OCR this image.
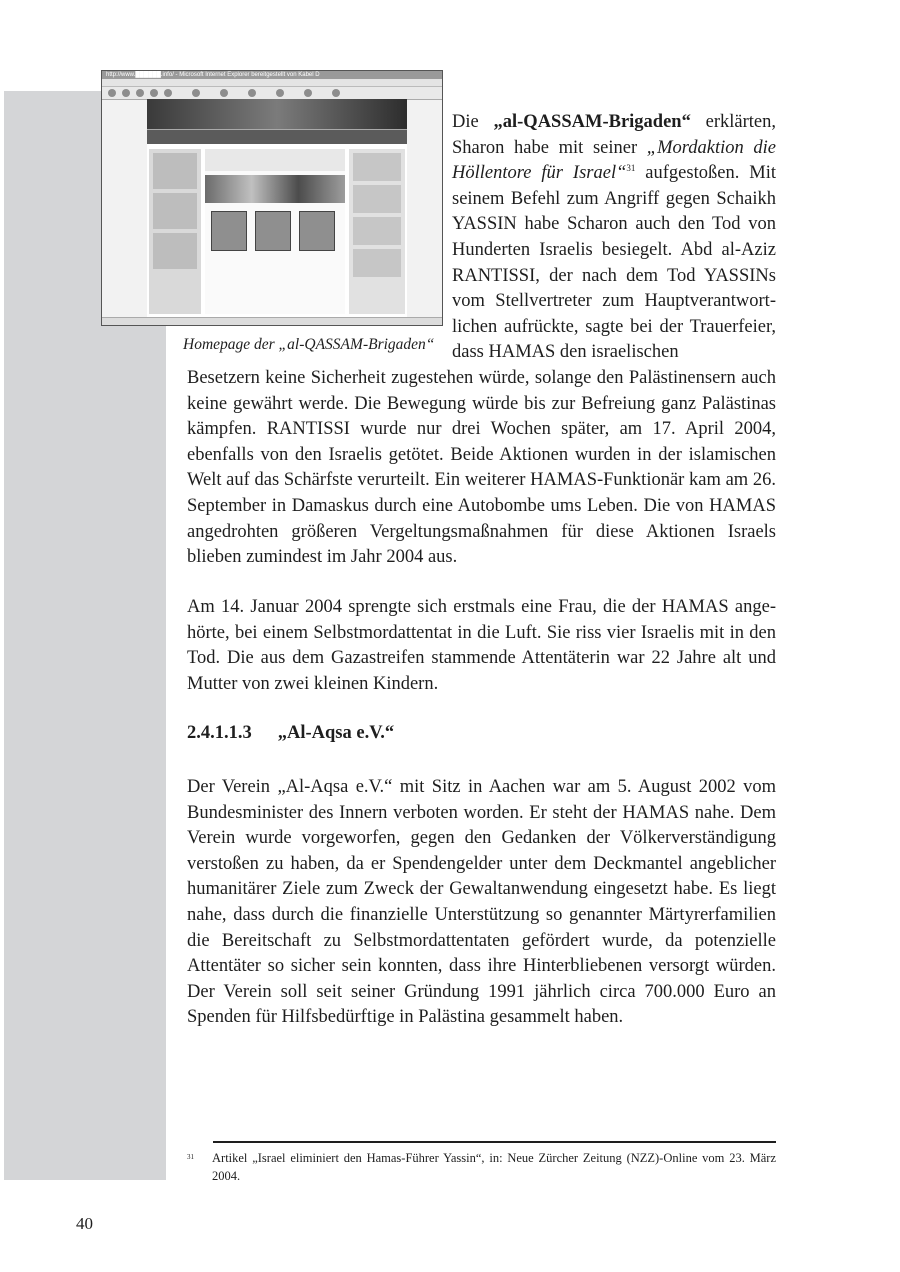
http://www.██████.info/ - Microsoft Internet Explorer bereitgestellt von Kabel D
Homepage der „al-QASSAM-Brigaden“
Die „al-QASSAM-Brigaden“ erklärten, Sharon habe mit seiner „Mordaktion die Höllentore für Israel“$^{31}$ aufgestoßen. Mit seinem Befehl zum Angriff gegen Schaikh YASSIN habe Scharon auch den Tod von Hunderten Israelis besiegelt. Abd al-Aziz RANTISSI, der nach dem Tod YASSINs vom Stellvertreter zum Hauptverantwortlichen aufrückte, sagte bei der Trauerfeier, dass HAMAS den israelischen
Besetzern keine Sicherheit zugestehen würde, solange den Palästinensern auch keine gewährt werde. Die Bewegung würde bis zur Befreiung ganz Palästinas kämpfen. RANTISSI wurde nur drei Wochen später, am 17. April 2004, ebenfalls von den Israelis getötet. Beide Aktionen wurden in der islamischen Welt auf das Schärfste verurteilt. Ein weiterer HAMAS-Funktionär kam am 26. September in Damaskus durch eine Autobombe ums Leben. Die von HAMAS angedrohten größeren Vergeltungsmaßnahmen für diese Aktionen Israels blieben zumindest im Jahr 2004 aus.
Am 14. Januar 2004 sprengte sich erstmals eine Frau, die der HAMAS angehörte, bei einem Selbstmordattentat in die Luft. Sie riss vier Israelis mit in den Tod. Die aus dem Gazastreifen stammende Attentäterin war 22 Jahre alt und Mutter von zwei kleinen Kindern.
2.4.1.1.3 „Al-Aqsa e.V.“
Der Verein „Al-Aqsa e.V.“ mit Sitz in Aachen war am 5. August 2002 vom Bundesminister des Innern verboten worden. Er steht der HAMAS nahe. Dem Verein wurde vorgeworfen, gegen den Gedanken der Völkerverständigung verstoßen zu haben, da er Spendengelder unter dem Deckmantel angeblicher humanitärer Ziele zum Zweck der Gewaltanwendung eingesetzt habe. Es liegt nahe, dass durch die finanzielle Unterstützung so genannter Märtyrerfamilien die Bereitschaft zu Selbstmordattentaten gefördert wurde, da potenzielle Attentäter so sicher sein konnten, dass ihre Hinterbliebenen versorgt würden. Der Verein soll seit seiner Gründung 1991 jährlich circa 700.000 Euro an Spenden für Hilfsbedürftige in Palästina gesammelt haben.
31 Artikel „Israel eliminiert den Hamas-Führer Yassin“, in: Neue Zürcher Zeitung (NZZ)-Online vom 23. März 2004.
40
